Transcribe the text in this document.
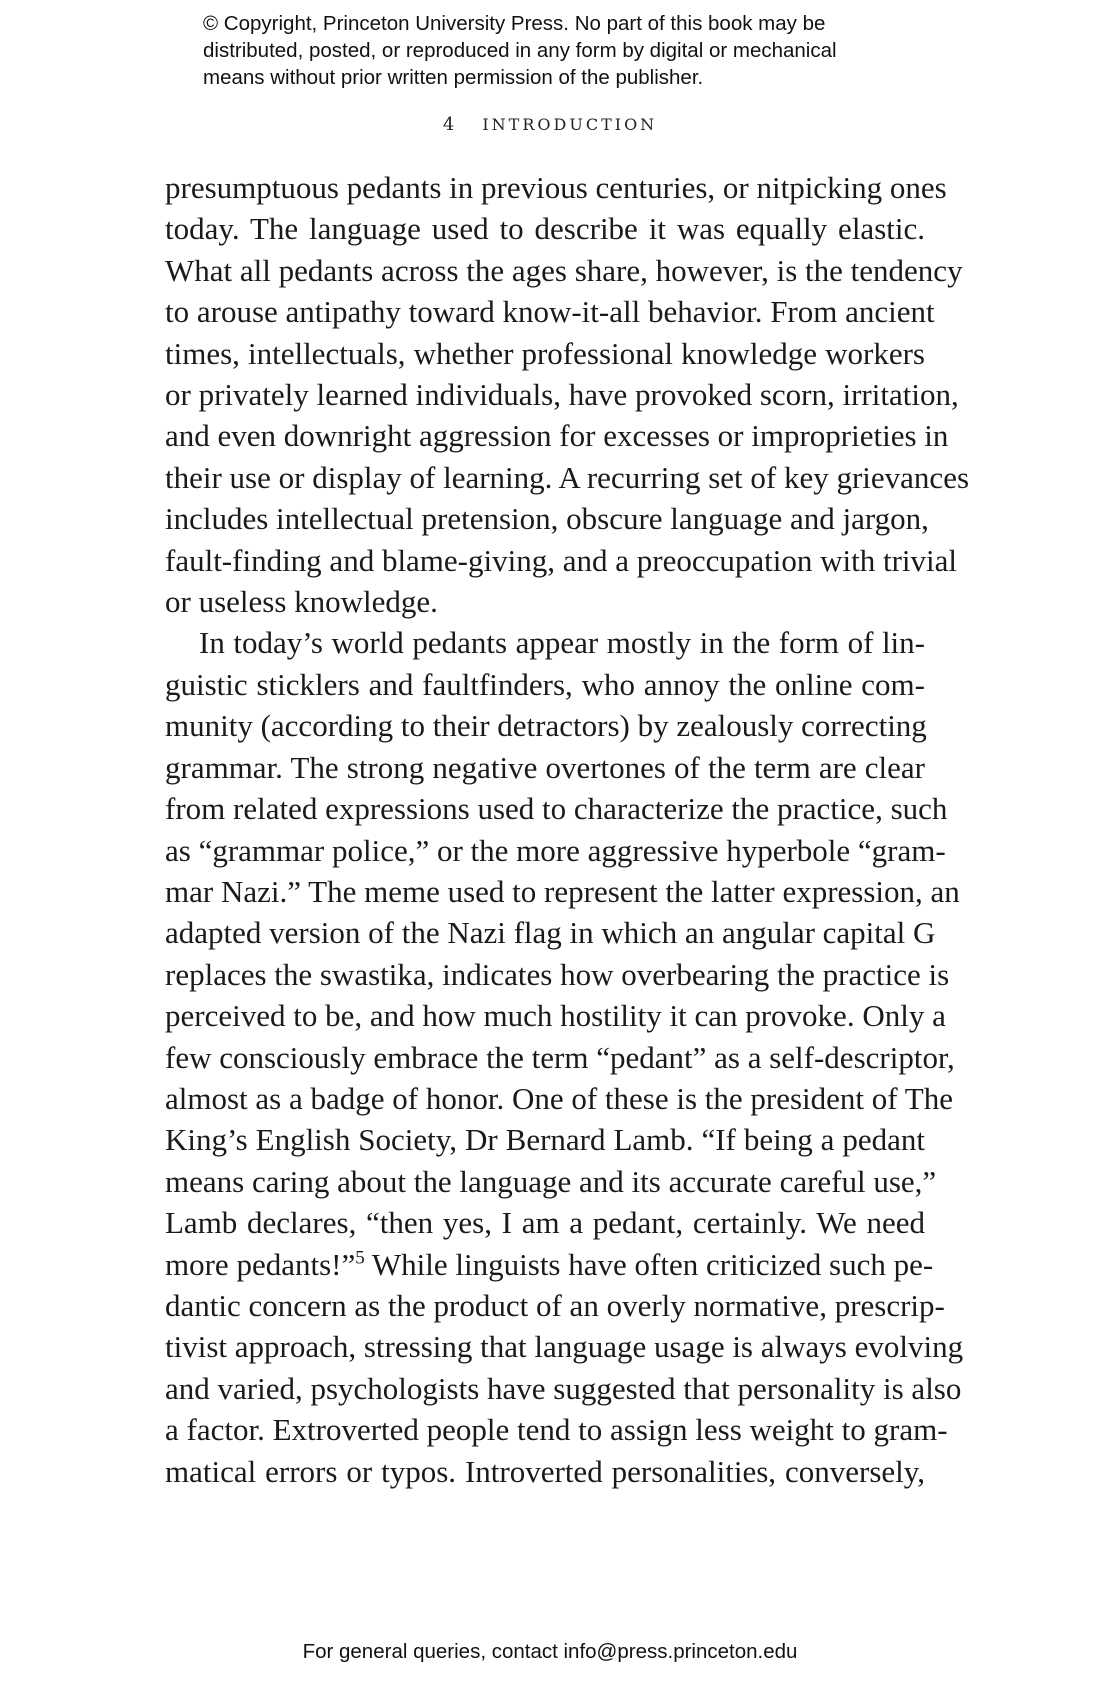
© Copyright, Princeton University Press. No part of this book may be
distributed, posted, or reproduced in any form by digital or mechanical
means without prior written permission of the publisher.
4 INTRODUCTION
presumptuous pedants in previous centuries, or nitpicking ones
today. The language used to describe it was equally elastic.
What all pedants across the ages share, however, is the tendency
to arouse antipathy toward know-it-all behavior. From ancient
times, intellectuals, whether professional knowledge workers
or privately learned individuals, have provoked scorn, irritation,
and even downright aggression for excesses or improprieties in
their use or display of learning. A recurring set of key grievances
includes intellectual pretension, obscure language and jargon,
fault-finding and blame-giving, and a preoccupation with trivial
or useless knowledge.
In today’s world pedants appear mostly in the form of lin-
guistic sticklers and faultfinders, who annoy the online com-
munity (according to their detractors) by zealously correcting
grammar. The strong negative overtones of the term are clear
from related expressions used to characterize the practice, such
as “grammar police,” or the more aggressive hyperbole “gram-
mar Nazi.” The meme used to represent the latter expression, an
adapted version of the Nazi flag in which an angular capital G
replaces the swastika, indicates how overbearing the practice is
perceived to be, and how much hostility it can provoke. Only a
few consciously embrace the term “pedant” as a self-descriptor,
almost as a badge of honor. One of these is the president of The
King’s English Society, Dr Bernard Lamb. “If being a pedant
means caring about the language and its accurate careful use,”
Lamb declares, “then yes, I am a pedant, certainly. We need
more pedants!”$^5$ While linguists have often criticized such pe-
dantic concern as the product of an overly normative, prescrip-
tivist approach, stressing that language usage is always evolving
and varied, psychologists have suggested that personality is also
a factor. Extroverted people tend to assign less weight to gram-
matical errors or typos. Introverted personalities, conversely,
For general queries, contact info@press.princeton.edu
